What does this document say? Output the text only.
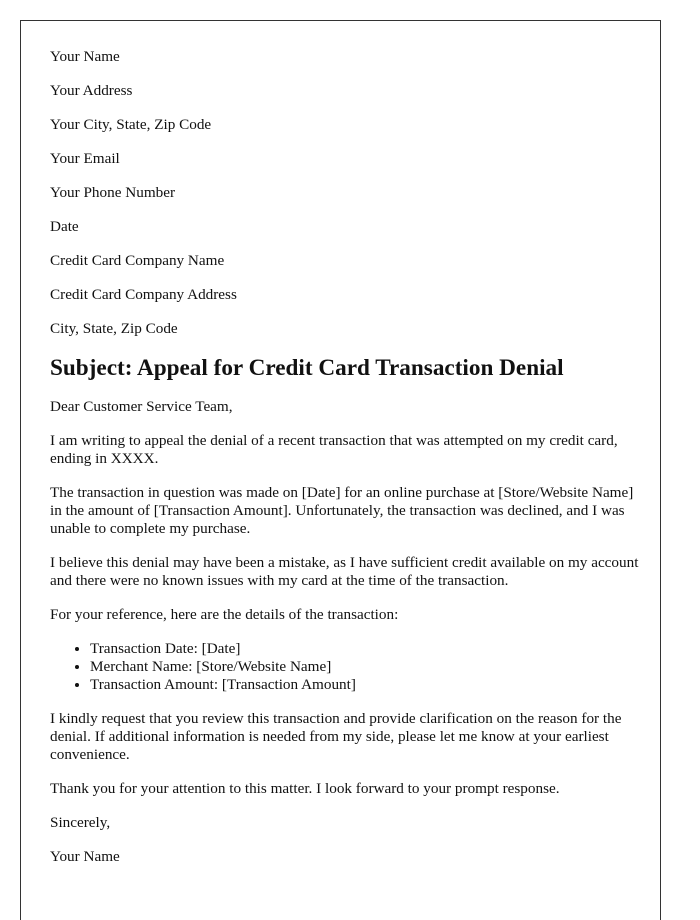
Your Name
Your Address
Your City, State, Zip Code
Your Email
Your Phone Number
Date
Credit Card Company Name
Credit Card Company Address
City, State, Zip Code
Subject: Appeal for Credit Card Transaction Denial

Dear Customer Service Team,

I am writing to appeal the denial of a recent transaction that was attempted on my credit card, ending in XXXX.

The transaction in question was made on [Date] for an online purchase at [Store/Website Name] in the amount of [Transaction Amount]. Unfortunately, the transaction was declined, and I was unable to complete my purchase.

I believe this denial may have been a mistake, as I have sufficient credit available on my account and there were no known issues with my card at the time of the transaction.

For your reference, here are the details of the transaction:

• Transaction Date: [Date]
• Merchant Name: [Store/Website Name]
• Transaction Amount: [Transaction Amount]

I kindly request that you review this transaction and provide clarification on the reason for the denial. If additional information is needed from my side, please let me know at your earliest convenience.

Thank you for your attention to this matter. I look forward to your prompt response.

Sincerely,

Your Name
